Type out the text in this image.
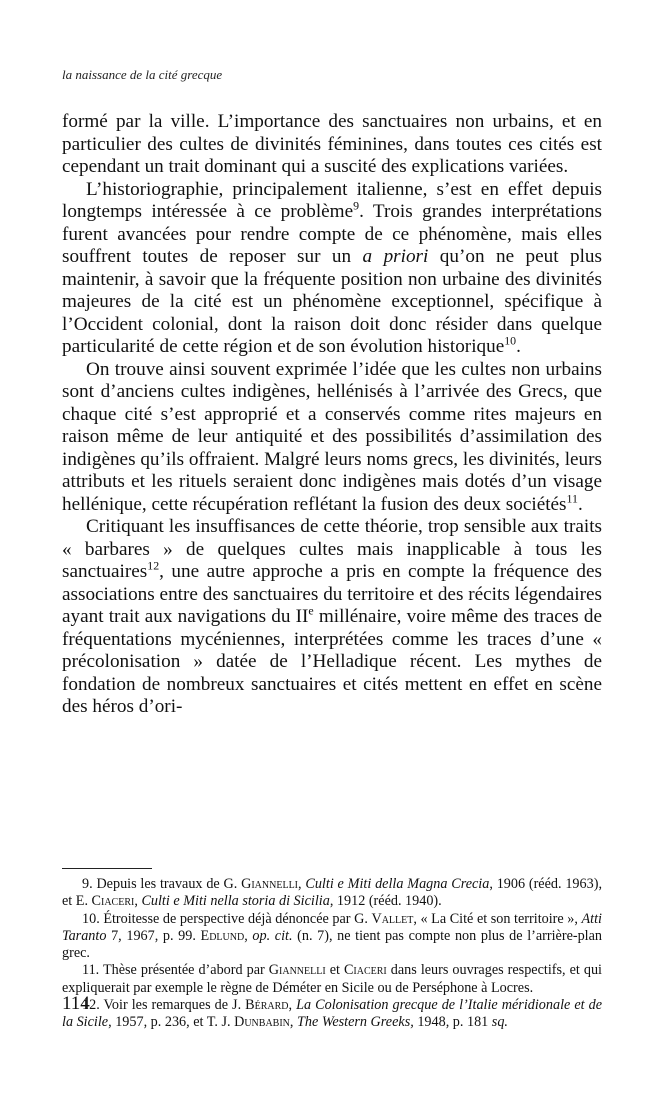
la naissance de la cité grecque

formé par la ville. L’importance des sanctuaires non urbains, et en particulier des cultes de divinités féminines, dans toutes ces cités est cependant un trait dominant qui a suscité des explications variées.

L’historiographie, principalement italienne, s’est en effet depuis longtemps intéressée à ce problème$^9$. Trois grandes interprétations furent avancées pour rendre compte de ce phénomène, mais elles souffrent toutes de reposer sur un a priori qu’on ne peut plus maintenir, à savoir que la fréquente position non urbaine des divinités majeures de la cité est un phénomène exceptionnel, spécifique à l’Occident colonial, dont la raison doit donc résider dans quelque particularité de cette région et de son évolution historique$^{10}$.

On trouve ainsi souvent exprimée l’idée que les cultes non urbains sont d’anciens cultes indigènes, hellénisés à l’arrivée des Grecs, que chaque cité s’est approprié et a conservés comme rites majeurs en raison même de leur antiquité et des possibilités d’assimilation des indigènes qu’ils offraient. Malgré leurs noms grecs, les divinités, leurs attributs et les rituels seraient donc indigènes mais dotés d’un visage hellénique, cette récupération reflétant la fusion des deux sociétés$^{11}$.

Critiquant les insuffisances de cette théorie, trop sensible aux traits « barbares » de quelques cultes mais inapplicable à tous les sanctuaires$^{12}$, une autre approche a pris en compte la fréquence des associations entre des sanctuaires du territoire et des récits légendaires ayant trait aux navigations du IIe millénaire, voire même des traces de fréquentations mycéniennes, interprétées comme les traces d’une « précolonisation » datée de l’Helladique récent. Les mythes de fondation de nombreux sanctuaires et cités mettent en effet en scène des héros d’ori-

9. Depuis les travaux de G. Giannelli, Culti e Miti della Magna Crecia, 1906 (rééd. 1963), et E. Ciaceri, Culti e Miti nella storia di Sicilia, 1912 (rééd. 1940).

10. Étroitesse de perspective déjà dénoncée par G. Vallet, « La Cité et son territoire », Atti Taranto 7, 1967, p. 99. Edlund, op. cit. (n. 7), ne tient pas compte non plus de l’arrière-plan grec.

11. Thèse présentée d’abord par Giannelli et Ciaceri dans leurs ouvrages respectifs, et qui expliquerait par exemple le règne de Déméter en Sicile ou de Perséphone à Locres.

12. Voir les remarques de J. Bérard, La Colonisation grecque de l’Italie méridionale et de la Sicile, 1957, p. 236, et T. J. Dunbabin, The Western Greeks, 1948, p. 181 sq.

114
